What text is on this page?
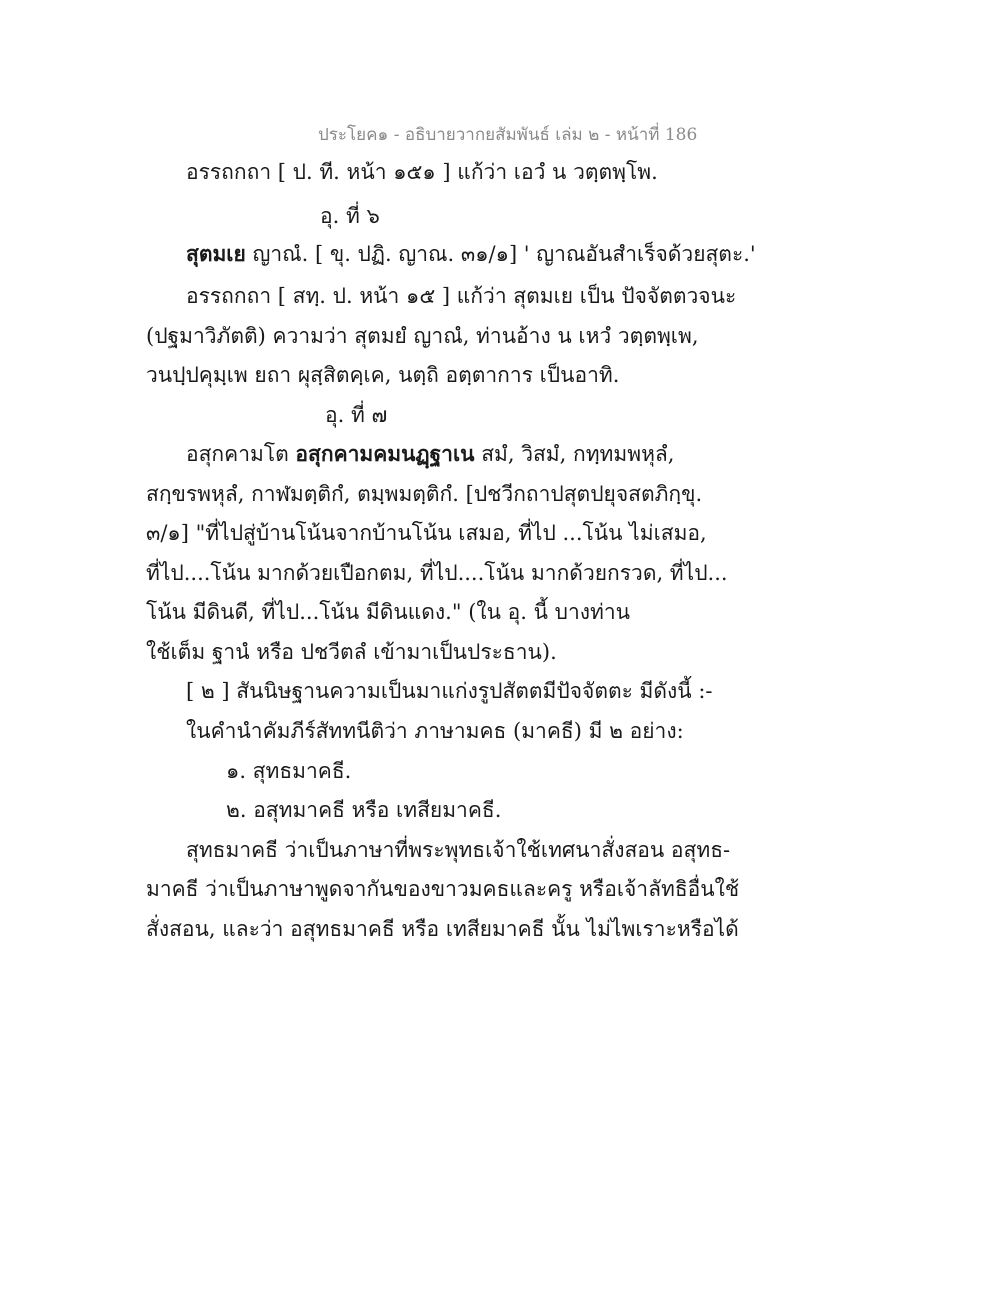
ประโยค๑ - อธิบายวากยสัมพันธ์ เล่ม ๒ - หน้าที่ 186
อรรถกถา [ ป. ที. หน้า ๑๕๑ ] แก้ว่า เอวํ น วตฺตพฺโพ.
อุ. ที่ ๖
สุตมเย ญาณํ. [ ขุ. ปฏิ. ญาณ. ๓๑/๑] ' ญาณอันสำเร็จด้วยสุตะ.'
อรรถกถา [ สทฺ. ป. หน้า ๑๕ ] แก้ว่า สุตมเย เป็น ปัจจัตตวจนะ
(ปฐมาวิภัตติ) ความว่า สุตมยํ ญาณํ, ท่านอ้าง น เหวํ วตฺตพฺเพ,
วนปฺปคุมฺเพ ยถา ผุสฺสิตคฺเค, นตฺถิ อตฺตาการ เป็นอาทิ.
อุ. ที่ ๗
อสุกคามโต อสุกคามคมนฏฺฐาเน สมํ, วิสมํ, กทฺทมพหุลํ,
สกฺขรพหุลํ, กาฬมตฺติกํ, ตมฺพมตฺติกํ. [ปชวีกถาปสุตปยุจสตภิกฺขุ.
๓/๑] "ที่ไปสู่บ้านโน้นจากบ้านโน้น เสมอ, ที่ไป ...โน้น ไม่เสมอ,
ที่ไป....โน้น มากด้วยเปือกตม, ที่ไป....โน้น มากด้วยกรวด, ที่ไป...
โน้น มีดินดี, ที่ไป...โน้น มีดินแดง." (ใน อุ. นี้ บางท่าน
ใช้เต็ม ฐานํ หรือ ปชวีตลํ เข้ามาเป็นประธาน).
[ ๒ ] สันนิษฐานความเป็นมาแก่งรูปสัตตมีปัจจัตตะ มีดังนี้ :-
ในคำนำคัมภีร์สัททนีติว่า ภาษามคธ (มาคธี) มี ๒ อย่าง:
๑. สุทธมาคธี.
๒. อสุทมาคธี หรือ เทสียมาคธี.
สุทธมาคธี ว่าเป็นภาษาที่พระพุทธเจ้าใช้เทศนาสั่งสอน อสุทธ-
มาคธี ว่าเป็นภาษาพูดจากันของขาวมคธและครู หรือเจ้าลัทธิอื่นใช้
สั่งสอน, และว่า อสุทธมาคธี หรือ เทสียมาคธี นั้น ไม่ไพเราะหรือได้
